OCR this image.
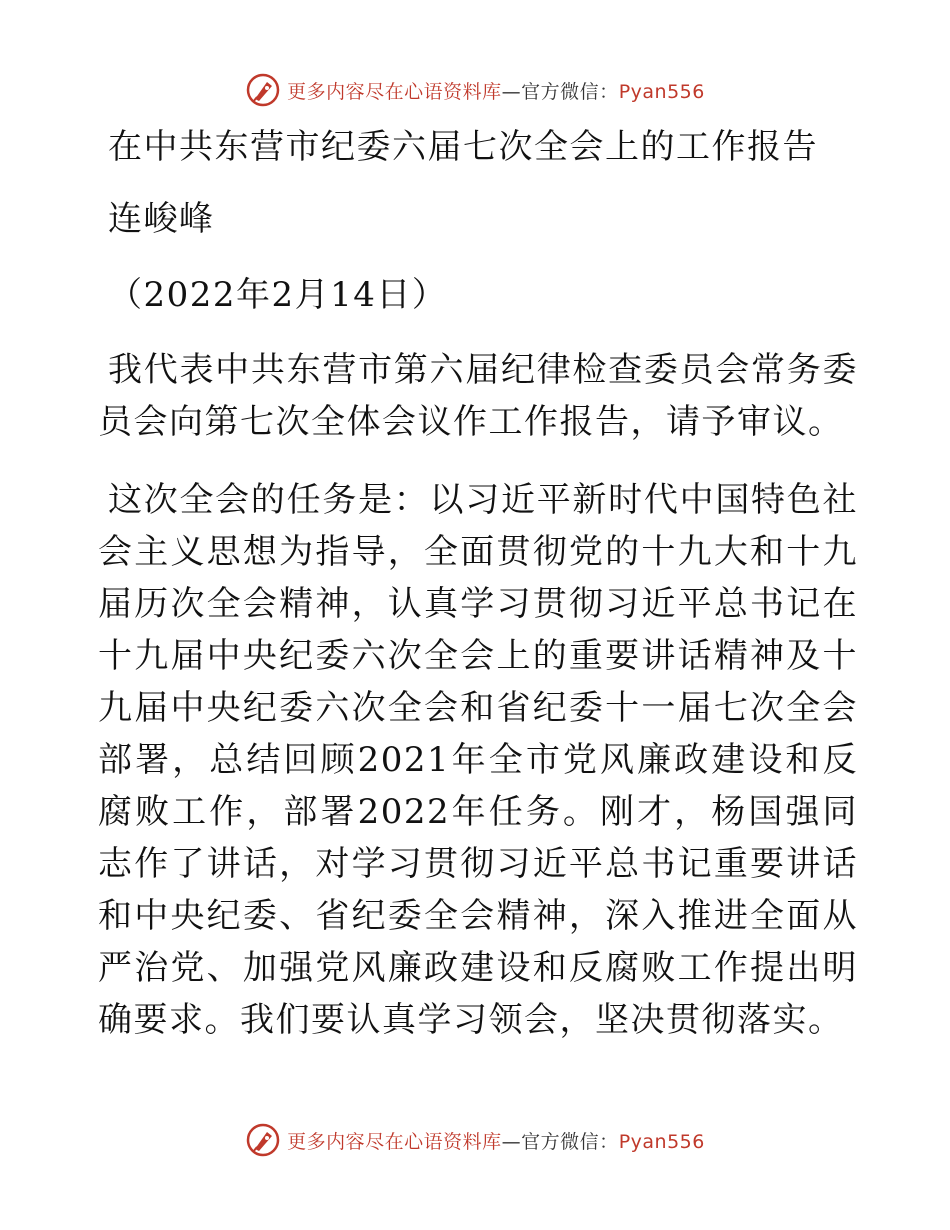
更多内容尽在心语资料库—官方微信：Pyan556
在中共东营市纪委六届七次全会上的工作报告
连峻峰
（2022年2月14日）
我代表中共东营市第六届纪律检查委员会常务委员会向第七次全体会议作工作报告，请予审议。
这次全会的任务是：以习近平新时代中国特色社会主义思想为指导，全面贯彻党的十九大和十九届历次全会精神，认真学习贯彻习近平总书记在十九届中央纪委六次全会上的重要讲话精神及十九届中央纪委六次全会和省纪委十一届七次全会部署，总结回顾2021年全市党风廉政建设和反腐败工作，部署2022年任务。刚才，杨国强同志作了讲话，对学习贯彻习近平总书记重要讲话和中央纪委、省纪委全会精神，深入推进全面从严治党、加强党风廉政建设和反腐败工作提出明确要求。我们要认真学习领会，坚决贯彻落实。
更多内容尽在心语资料库—官方微信：Pyan556
